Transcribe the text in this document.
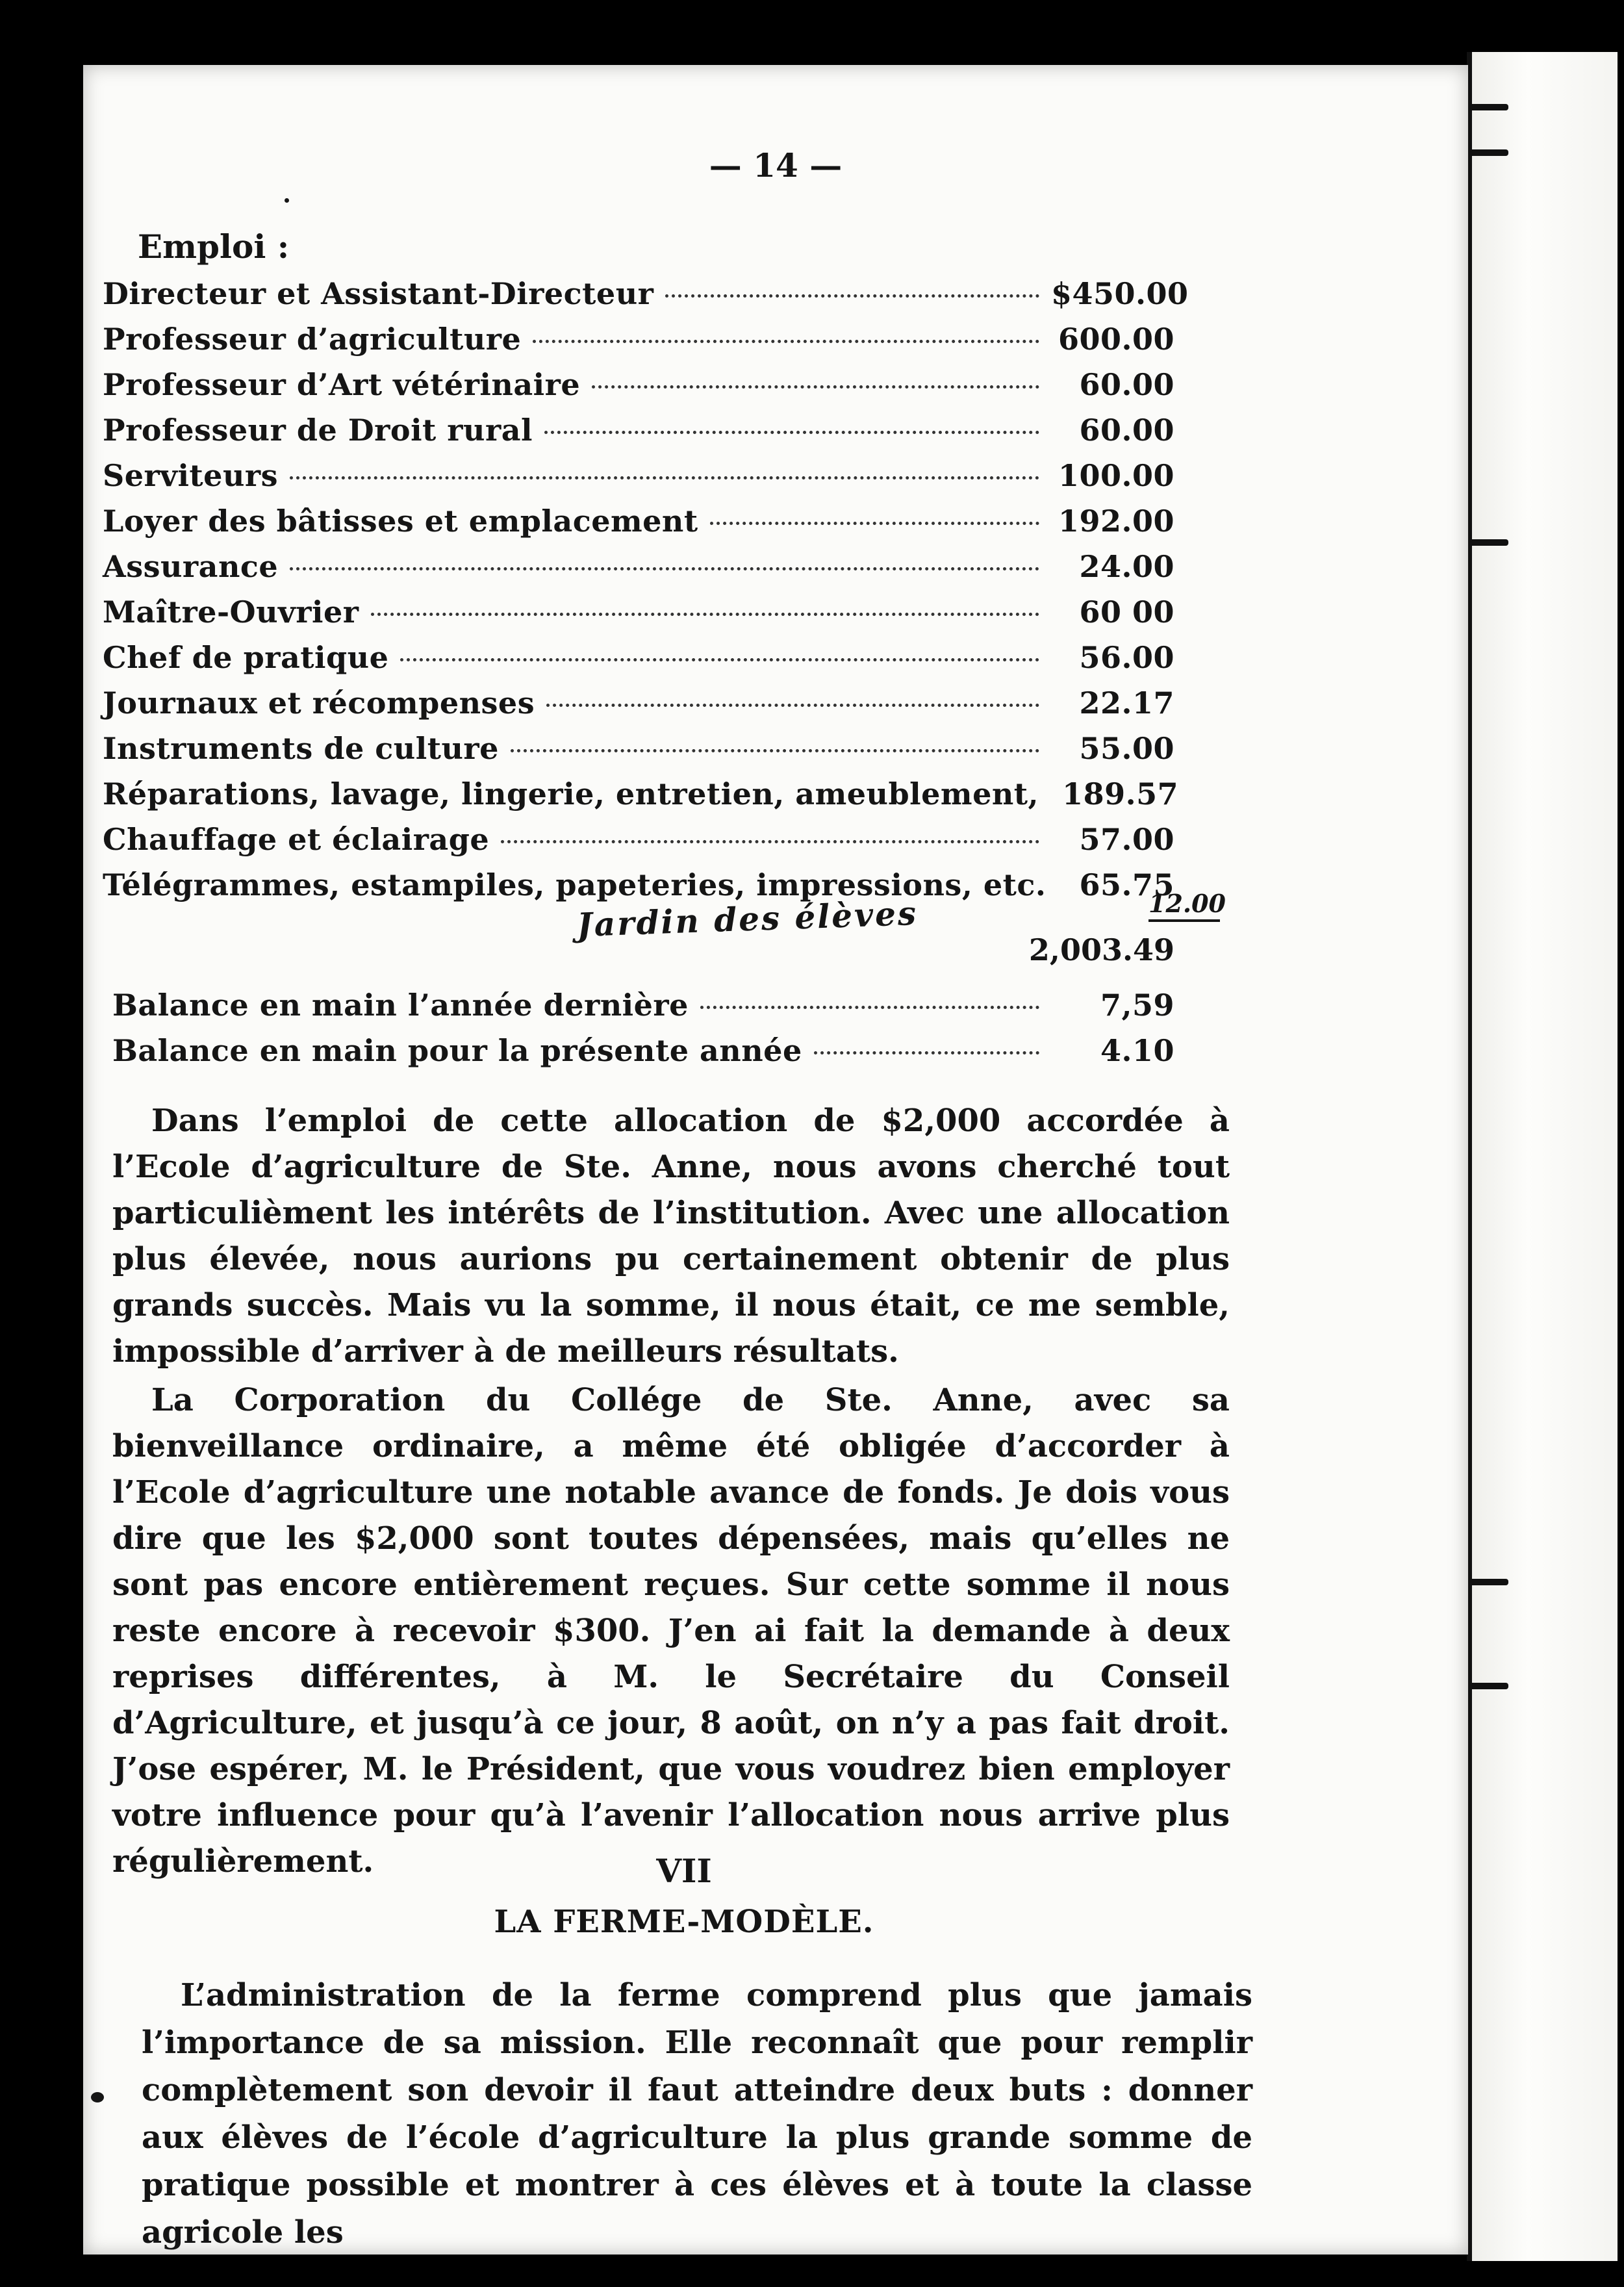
— 14 —
Emploi :
Directeur et Assistant-Directeur	$450.00
Professeur d’agriculture	600.00
Professeur d’Art vétérinaire	60.00
Professeur de Droit rural	60.00
Serviteurs	100.00
Loyer des bâtisses et emplacement	192.00
Assurance	24.00
Maître-Ouvrier	60 00
Chef de pratique	56.00
Journaux et récompenses	22.17
Instruments de culture	55.00
Réparations, lavage, lingerie, entretien, ameublement, 189.57
Chauffage et éclairage	57.00
Télégrammes, estampiles, papeteries, impressions, etc.	65.75
Jardin des élèves	12.00
2,003.49
Balance en main l’année dernière	7,59
Balance en main pour la présente année	4.10

Dans l’emploi de cette allocation de $2,000 accordée à l’Ecole d’agriculture de Ste. Anne, nous avons cherché tout particulièment les intérêts de l’institution. Avec une allocation plus élevée, nous aurions pu certainement obtenir de plus grands succès. Mais vu la somme, il nous était, ce me semble, impossible d’arriver à de meilleurs résultats.

La Corporation du Collége de Ste. Anne, avec sa bienveillance ordinaire, a même été obligée d’accorder à l’Ecole d’agriculture une notable avance de fonds. Je dois vous dire que les $2,000 sont toutes dépensées, mais qu’elles ne sont pas encore entièrement reçues. Sur cette somme il nous reste encore à recevoir $300. J’en ai fait la demande à deux reprises différentes, à M. le Secrétaire du Conseil d’Agriculture, et jusqu’à ce jour, 8 août, on n’y a pas fait droit. J’ose espérer, M. le Président, que vous voudrez bien employer votre influence pour qu’à l’avenir l’allocation nous arrive plus régulièrement.	VII
LA FERME-MODÈLE.

L’administration de la ferme comprend plus que jamais l’importance de sa mission. Elle reconnaît que pour remplir complètement son devoir il faut atteindre deux buts : donner aux élèves de l’école d’agriculture la plus grande somme de pratique possible et montrer à ces élèves et à toute la classe agricole les
